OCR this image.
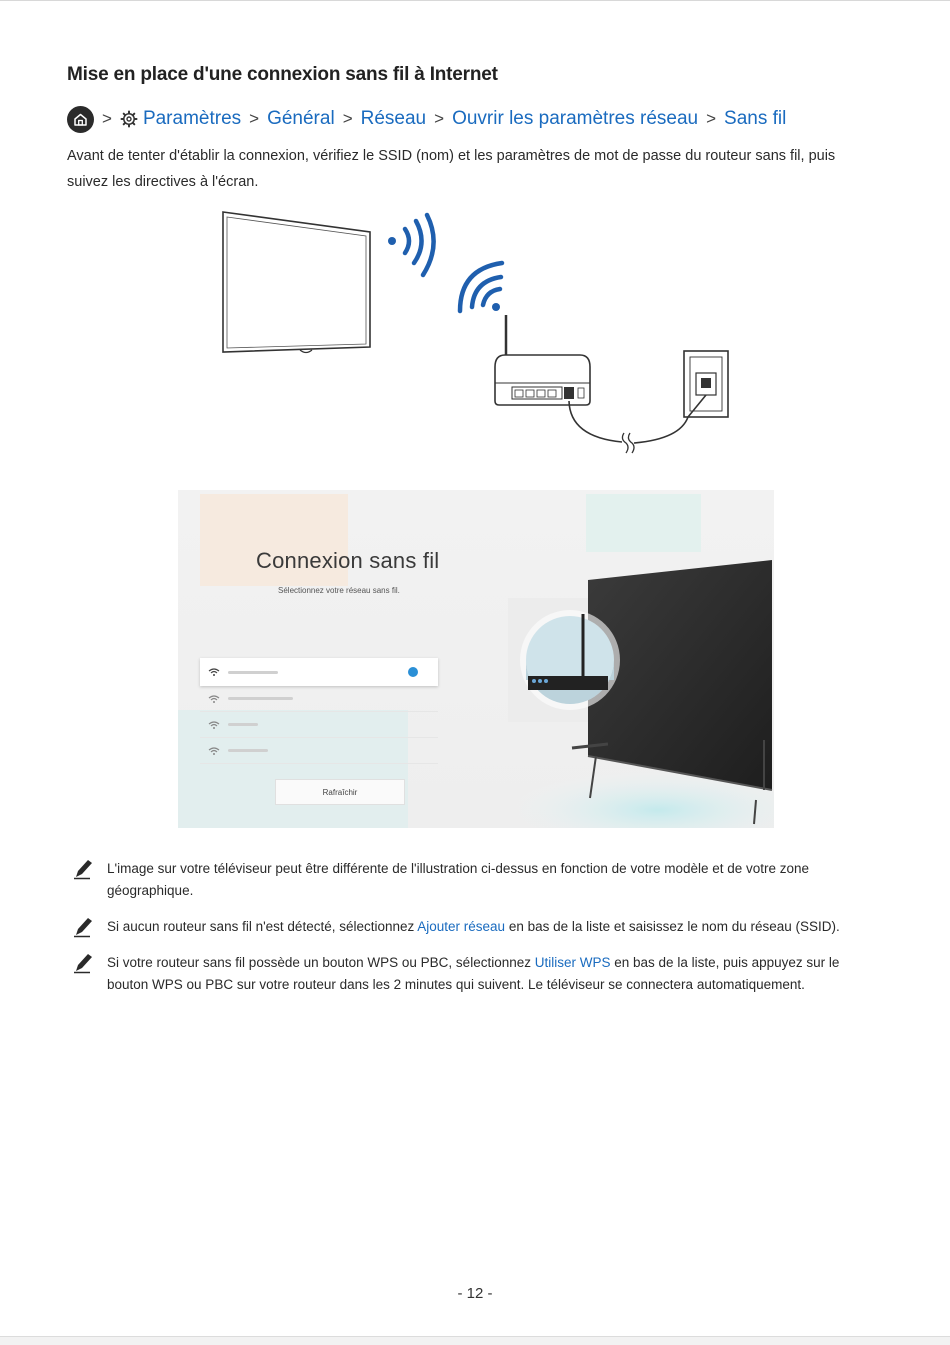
Mise en place d'une connexion sans fil à Internet
> Paramètres > Général > Réseau > Ouvrir les paramètres réseau > Sans fil

Avant de tenter d'établir la connexion, vérifiez le SSID (nom) et les paramètres de mot de passe du routeur sans fil, puis suivez les directives à l'écran.

Connexion sans fil

Sélectionnez votre réseau sans fil.

Rafraîchir
L'image sur votre téléviseur peut être différente de l'illustration ci-dessus en fonction de votre modèle et de votre zone géographique.
Si aucun routeur sans fil n'est détecté, sélectionnez Ajouter réseau en bas de la liste et saisissez le nom du réseau (SSID).
Si votre routeur sans fil possède un bouton WPS ou PBC, sélectionnez Utiliser WPS en bas de la liste, puis appuyez sur le bouton WPS ou PBC sur votre routeur dans les 2 minutes qui suivent. Le téléviseur se connectera automatiquement.
- 12 -
